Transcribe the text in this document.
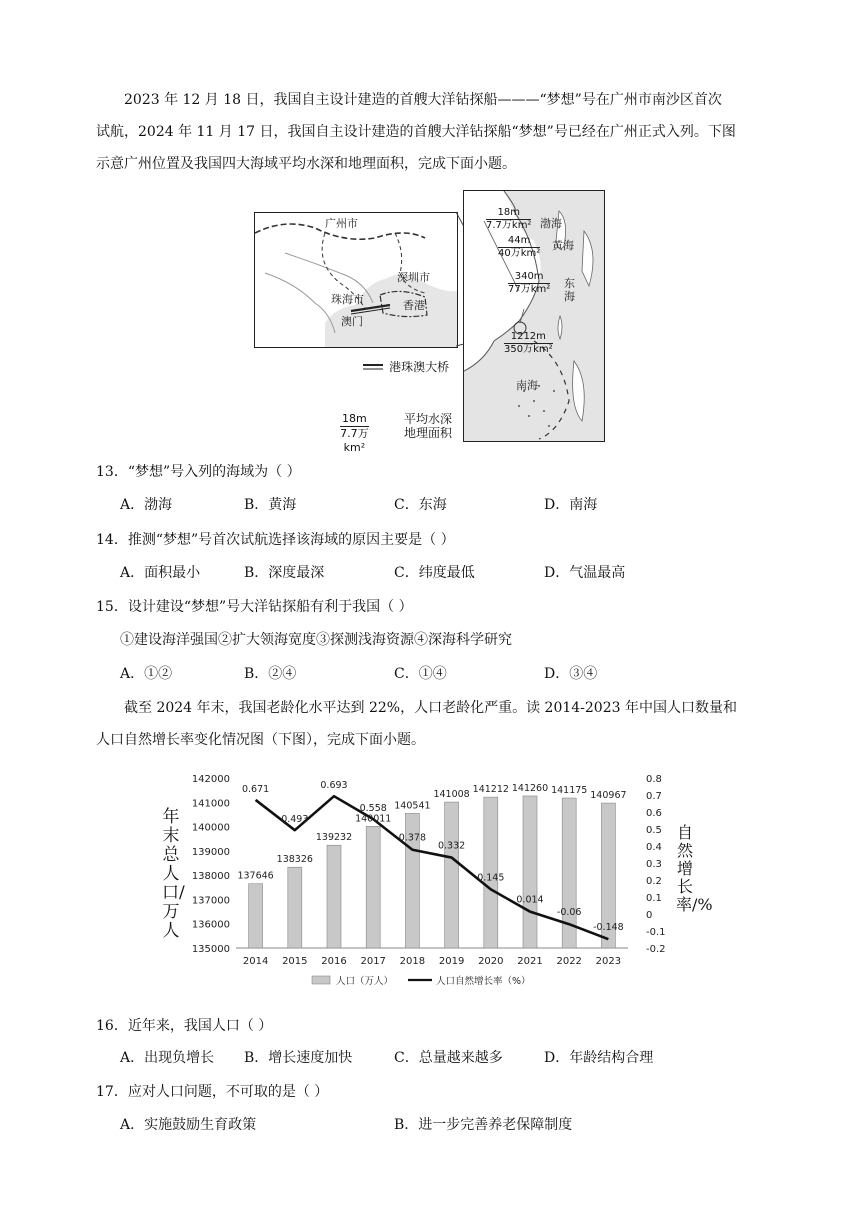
2023 年 12 月 18 日，我国自主设计建造的首艘大洋钻探船———“梦想”号在广州市南沙区首次

试航，2024 年 11 月 17 日，我国自主设计建造的首艘大洋钻探船“梦想”号已经在广州正式入列。下图

示意广州位置及我国四大海域平均水深和地理面积，完成下面小题。

广州市
深圳市
珠海市	香港
澳门
渤海
黄海
东海
南海
18m
7.7万km²
44m
40万km²
340m
77万km²
1212m
350万km²
港珠澳大桥
18m
7.7万km²
平均水深
地理面积

13．“梦想”号入列的海域为（ ）

A．渤海	B．黄海	C．东海	D．南海

14．推测“梦想”号首次试航选择该海域的原因主要是（ ）

A．面积最小	B．深度最深	C．纬度最低	D．气温最高

15．设计建设“梦想”号大洋钻探船有利于我国（ ）

①建设海洋强国②扩大领海宽度③探测浅海资源④深海科学研究

A．①②	B．②④	C．①④	D．③④

截至 2024 年末，我国老龄化水平达到 22%，人口老龄化严重。读 2014-2023 年中国人口数量和

人口自然增长率变化情况图（下图），完成下面小题。

135000
136000
137000
138000
139000
140000
141000
142000
-0.2
-0.1
0
0.1
0.2
0.3
0.4
0.5
0.6
0.7
0.8
2014 2015 2016 2017 2018 2019 2020 2021 2022 2023
137646
138326
139232
140011
140541
141008 141212 141260 141175 140967
0.671
0.493
0.693
0.558
0.378
0.332
0.145
0.014
-0.06
-0.148
人口（万人）	人口自然增长率（%）
年末总人口/万人
自然增长率/%

16．近年来，我国人口（ ）

A．出现负增长 B．增长速度加快	C．总量越来越多	D．年龄结构合理

17．应对人口问题，不可取的是（ ）

A．实施鼓励生育政策	B．进一步完善养老保障制度
